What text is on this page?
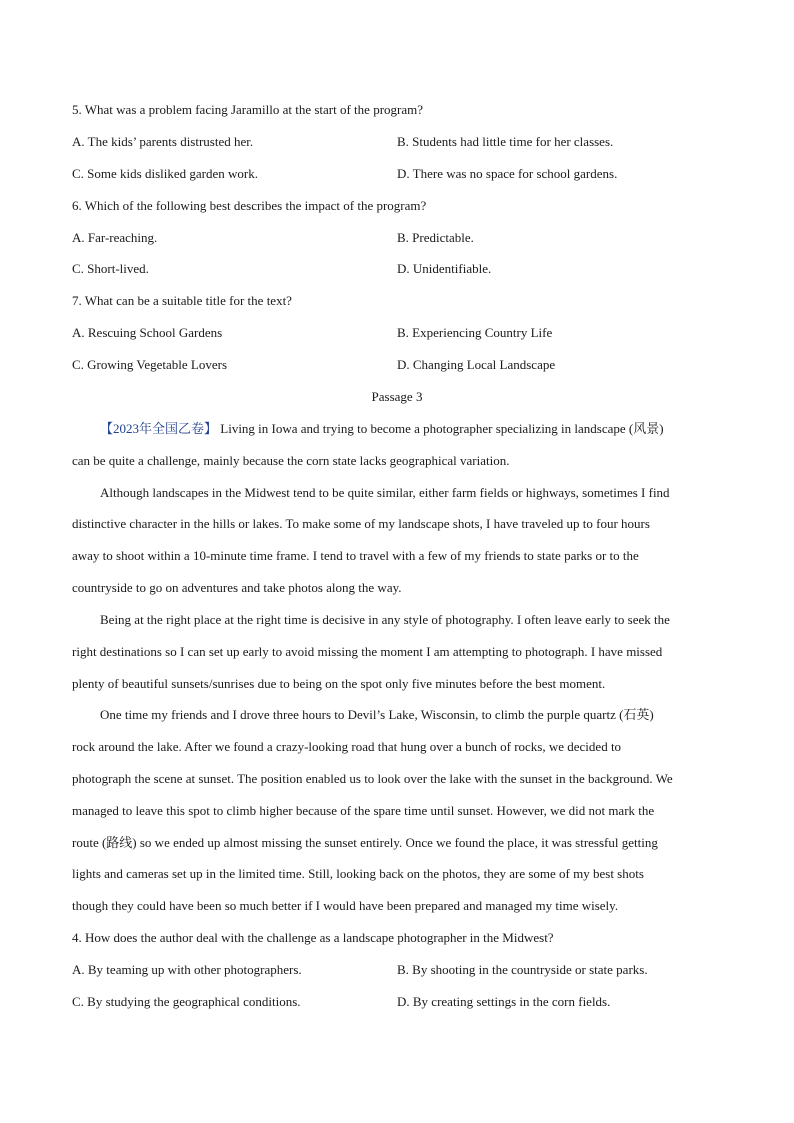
5. What was a problem facing Jaramillo at the start of the program?
A. The kids’ parents distrusted her.	B. Students had little time for her classes.
C. Some kids disliked garden work.	D. There was no space for school gardens.
6. Which of the following best describes the impact of the program?
A. Far-reaching.	B. Predictable.
C. Short-lived.	D. Unidentifiable.
7. What can be a suitable title for the text?
A. Rescuing School Gardens	B. Experiencing Country Life
C. Growing Vegetable Lovers	D. Changing Local Landscape
Passage 3
【2023年全国乙卷】 Living in Iowa and trying to become a photographer specializing in landscape (风景)
can be quite a challenge, mainly because the corn state lacks geographical variation.
Although landscapes in the Midwest tend to be quite similar, either farm fields or highways, sometimes I find
distinctive character in the hills or lakes. To make some of my landscape shots, I have traveled up to four hours
away to shoot within a 10-minute time frame. I tend to travel with a few of my friends to state parks or to the
countryside to go on adventures and take photos along the way.
Being at the right place at the right time is decisive in any style of photography. I often leave early to seek the
right destinations so I can set up early to avoid missing the moment I am attempting to photograph. I have missed
plenty of beautiful sunsets/sunrises due to being on the spot only five minutes before the best moment.
One time my friends and I drove three hours to Devil’s Lake, Wisconsin, to climb the purple quartz (石英)
rock around the lake. After we found a crazy-looking road that hung over a bunch of rocks, we decided to
photograph the scene at sunset. The position enabled us to look over the lake with the sunset in the background. We
managed to leave this spot to climb higher because of the spare time until sunset. However, we did not mark the
route (路线) so we ended up almost missing the sunset entirely. Once we found the place, it was stressful getting
lights and cameras set up in the limited time. Still, looking back on the photos, they are some of my best shots
though they could have been so much better if I would have been prepared and managed my time wisely.
4. How does the author deal with the challenge as a landscape photographer in the Midwest?
A. By teaming up with other photographers.	B. By shooting in the countryside or state parks.
C. By studying the geographical conditions.	D. By creating settings in the corn fields.
